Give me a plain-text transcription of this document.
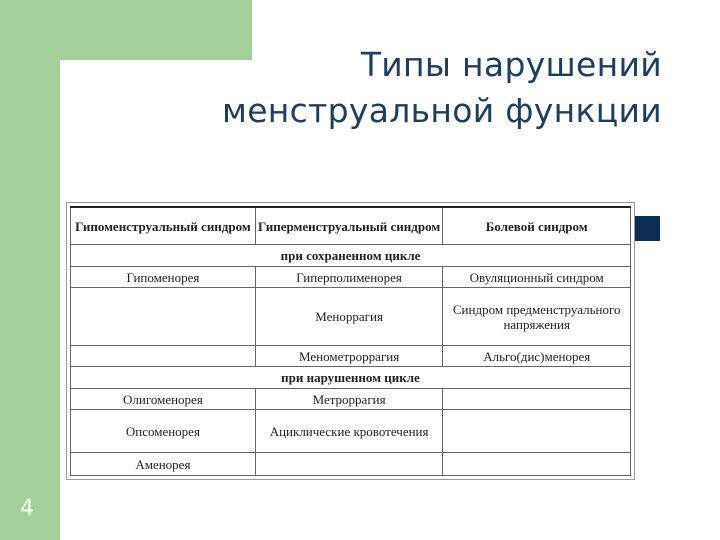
Типы нарушений
менструальной функции
Гипоменструальный синдром	Гиперменструальный синдром	Болевой синдром
при сохраненном цикле		
Гипоменорея	Гиперполименорея	Овуляционный синдром
	Меноррагия	Синдром предменструального напряжения
	Менометроррагия	Альго(дис)менорея
при нарушенном цикле		
Олигоменорея	Метроррагия	
Опсоменорея	Ациклические кровотечения	
Аменорея		
4
